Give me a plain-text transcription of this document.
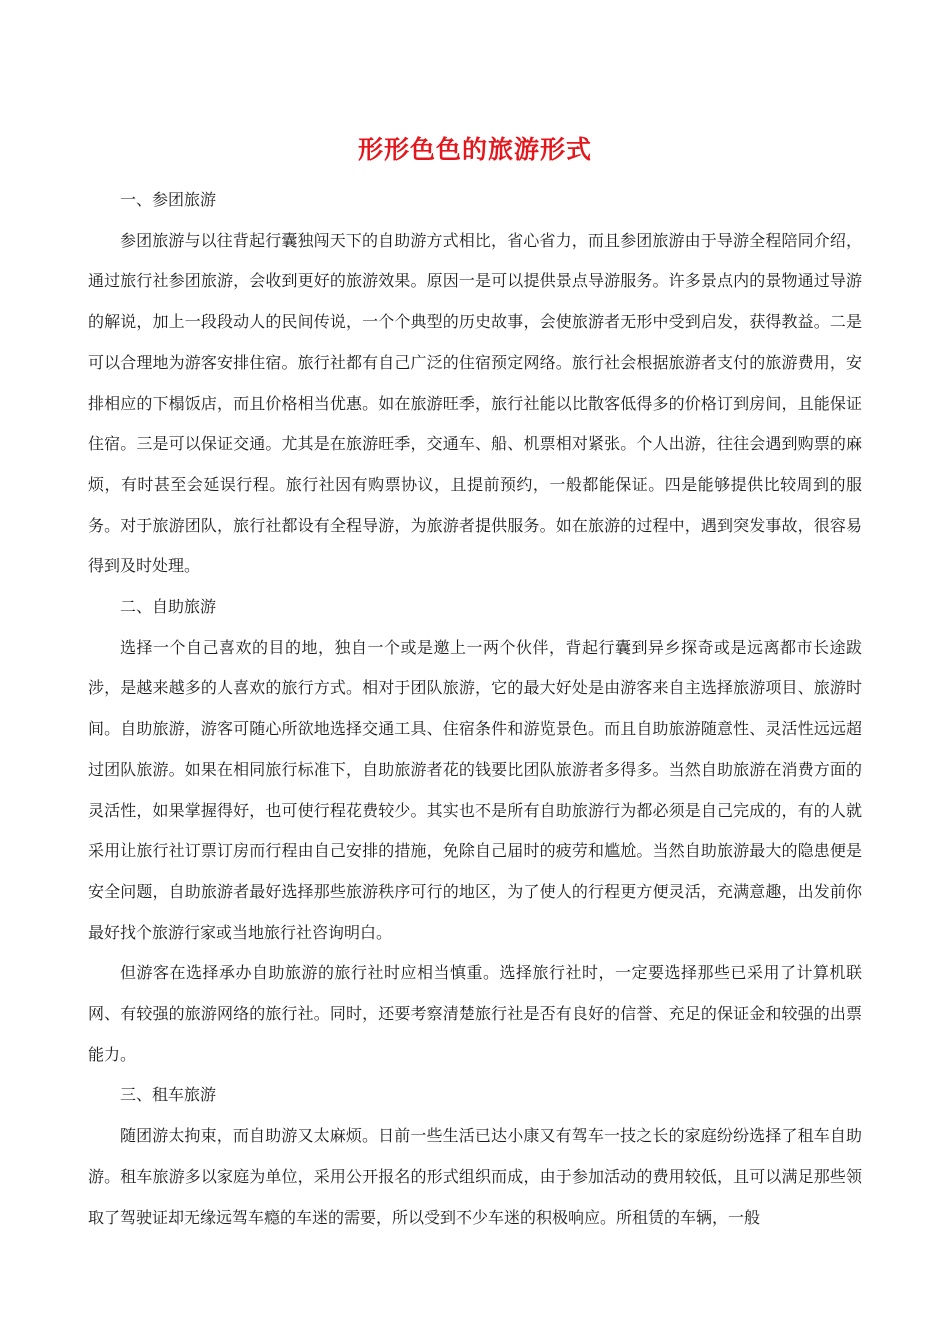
形形色色的旅游形式

一、参团旅游

参团旅游与以往背起行囊独闯天下的自助游方式相比，省心省力，而且参团旅游由于导游全程陪同介绍，通过旅行社参团旅游，会收到更好的旅游效果。原因一是可以提供景点导游服务。许多景点内的景物通过导游的解说，加上一段段动人的民间传说，一个个典型的历史故事，会使旅游者无形中受到启发，获得教益。二是可以合理地为游客安排住宿。旅行社都有自己广泛的住宿预定网络。旅行社会根据旅游者支付的旅游费用，安排相应的下榻饭店，而且价格相当优惠。如在旅游旺季，旅行社能以比散客低得多的价格订到房间，且能保证住宿。三是可以保证交通。尤其是在旅游旺季，交通车、船、机票相对紧张。个人出游，往往会遇到购票的麻烦，有时甚至会延误行程。旅行社因有购票协议，且提前预约，一般都能保证。四是能够提供比较周到的服务。对于旅游团队，旅行社都设有全程导游，为旅游者提供服务。如在旅游的过程中，遇到突发事故，很容易得到及时处理。

二、自助旅游

选择一个自己喜欢的目的地，独自一个或是邀上一两个伙伴，背起行囊到异乡探奇或是远离都市长途跋涉，是越来越多的人喜欢的旅行方式。相对于团队旅游，它的最大好处是由游客来自主选择旅游项目、旅游时间。自助旅游，游客可随心所欲地选择交通工具、住宿条件和游览景色。而且自助旅游随意性、灵活性远远超过团队旅游。如果在相同旅行标准下，自助旅游者花的钱要比团队旅游者多得多。当然自助旅游在消费方面的灵活性，如果掌握得好，也可使行程花费较少。其实也不是所有自助旅游行为都必须是自己完成的，有的人就采用让旅行社订票订房而行程由自己安排的措施，免除自己届时的疲劳和尴尬。当然自助旅游最大的隐患便是安全问题，自助旅游者最好选择那些旅游秩序可行的地区，为了使人的行程更方便灵活，充满意趣，出发前你最好找个旅游行家或当地旅行社咨询明白。

但游客在选择承办自助旅游的旅行社时应相当慎重。选择旅行社时，一定要选择那些已采用了计算机联网、有较强的旅游网络的旅行社。同时，还要考察清楚旅行社是否有良好的信誉、充足的保证金和较强的出票能力。

三、租车旅游

随团游太拘束，而自助游又太麻烦。日前一些生活已达小康又有驾车一技之长的家庭纷纷选择了租车自助游。租车旅游多以家庭为单位，采用公开报名的形式组织而成，由于参加活动的费用较低，且可以满足那些领取了驾驶证却无缘远驾车瘾的车迷的需要，所以受到不少车迷的积极响应。所租赁的车辆，一般
